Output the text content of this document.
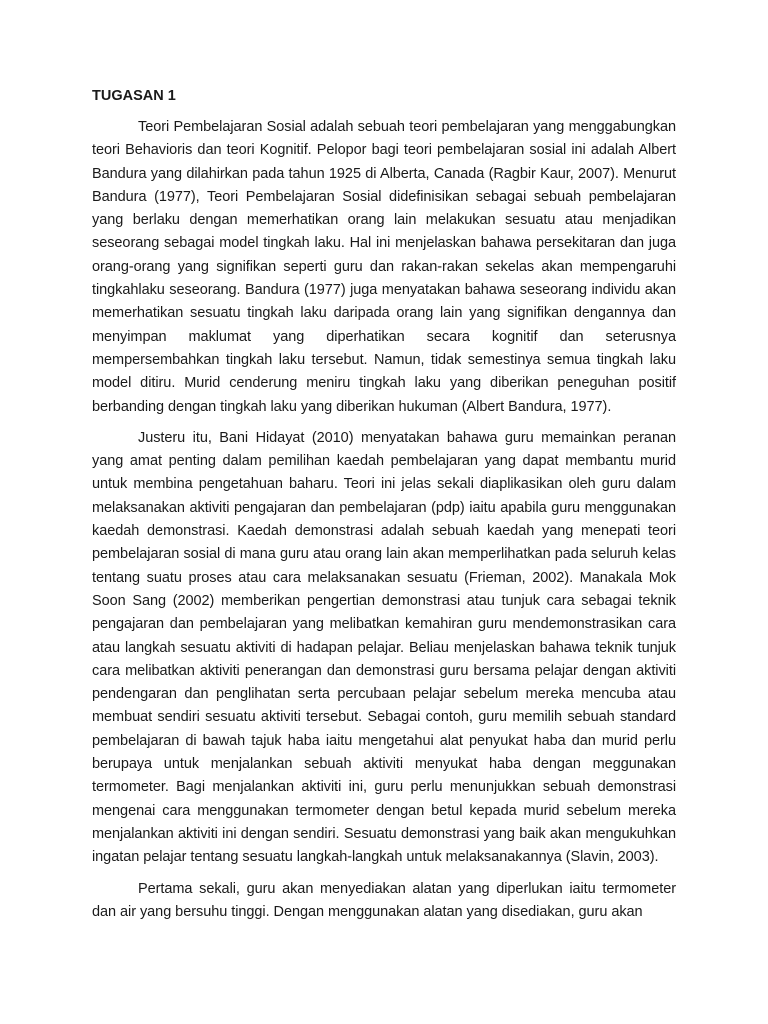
TUGASAN 1

Teori Pembelajaran Sosial adalah sebuah teori pembelajaran yang menggabungkan teori Behavioris dan teori Kognitif. Pelopor bagi teori pembelajaran sosial ini adalah Albert Bandura yang dilahirkan pada tahun 1925 di Alberta, Canada (Ragbir Kaur, 2007). Menurut Bandura (1977), Teori Pembelajaran Sosial didefinisikan sebagai sebuah pembelajaran yang berlaku dengan memerhatikan orang lain melakukan sesuatu atau menjadikan seseorang sebagai model tingkah laku. Hal ini menjelaskan bahawa persekitaran dan juga orang-orang yang signifikan seperti guru dan rakan-rakan sekelas akan mempengaruhi tingkahlaku seseorang. Bandura (1977) juga menyatakan bahawa seseorang individu akan memerhatikan sesuatu tingkah laku daripada orang lain yang signifikan dengannya dan menyimpan maklumat yang diperhatikan secara kognitif dan seterusnya mempersembahkan tingkah laku tersebut. Namun, tidak semestinya semua tingkah laku model ditiru. Murid cenderung meniru tingkah laku yang diberikan peneguhan positif berbanding dengan tingkah laku yang diberikan hukuman (Albert Bandura, 1977).

Justeru itu, Bani Hidayat (2010) menyatakan bahawa guru memainkan peranan yang amat penting dalam pemilihan kaedah pembelajaran yang dapat membantu murid untuk membina pengetahuan baharu. Teori ini jelas sekali diaplikasikan oleh guru dalam melaksanakan aktiviti pengajaran dan pembelajaran (pdp) iaitu apabila guru menggunakan kaedah demonstrasi. Kaedah demonstrasi adalah sebuah kaedah yang menepati teori pembelajaran sosial di mana guru atau orang lain akan memperlihatkan pada seluruh kelas tentang suatu proses atau cara melaksanakan sesuatu (Frieman, 2002). Manakala Mok Soon Sang (2002) memberikan pengertian demonstrasi atau tunjuk cara sebagai teknik pengajaran dan pembelajaran yang melibatkan kemahiran guru mendemonstrasikan cara atau langkah sesuatu aktiviti di hadapan pelajar. Beliau menjelaskan bahawa teknik tunjuk cara melibatkan aktiviti penerangan dan demonstrasi guru bersama pelajar dengan aktiviti pendengaran dan penglihatan serta percubaan pelajar sebelum mereka mencuba atau membuat sendiri sesuatu aktiviti tersebut. Sebagai contoh, guru memilih sebuah standard pembelajaran di bawah tajuk haba iaitu mengetahui alat penyukat haba dan murid perlu berupaya untuk menjalankan sebuah aktiviti menyukat haba dengan meggunakan termometer. Bagi menjalankan aktiviti ini, guru perlu menunjukkan sebuah demonstrasi mengenai cara menggunakan termometer dengan betul kepada murid sebelum mereka menjalankan aktiviti ini dengan sendiri. Sesuatu demonstrasi yang baik akan mengukuhkan ingatan pelajar tentang sesuatu langkah-langkah untuk melaksanakannya (Slavin, 2003).

Pertama sekali, guru akan menyediakan alatan yang diperlukan iaitu termometer dan air yang bersuhu tinggi. Dengan menggunakan alatan yang disediakan, guru akan
